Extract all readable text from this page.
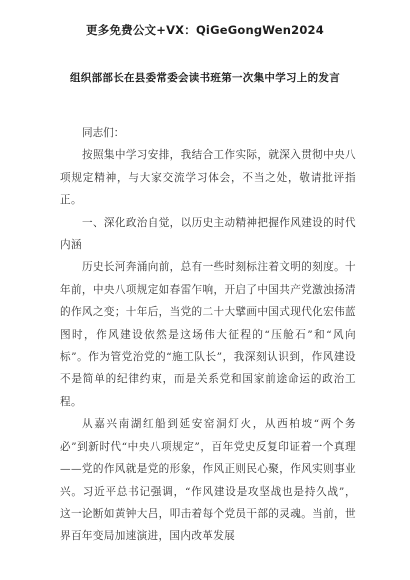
更多免费公文+VX：QiGeGongWen2024
组织部部长在县委常委会读书班第一次集中学习上的发言

同志们：

按照集中学习安排，我结合工作实际，就深入贯彻中央八项规定精神，与大家交流学习体会，不当之处，敬请批评指正。

一、深化政治自觉，以历史主动精神把握作风建设的时代内涵

历史长河奔涌向前，总有一些时刻标注着文明的刻度。十年前，中央八项规定如春雷乍响，开启了中国共产党激浊扬清的作风之变；十年后，当党的二十大擘画中国式现代化宏伟蓝图时，作风建设依然是这场伟大征程的“压舱石”和“风向标”。作为管党治党的“施工队长”，我深刻认识到，作风建设不是简单的纪律约束，而是关系党和国家前途命运的政治工程。

从嘉兴南湖红船到延安窑洞灯火，从西柏坡“两个务必”到新时代“中央八项规定”，百年党史反复印证着一个真理——党的作风就是党的形象，作风正则民心聚，作风实则事业兴。习近平总书记强调，“作风建设是攻坚战也是持久战”，这一论断如黄钟大吕，叩击着每个党员干部的灵魂。当前，世界百年变局加速演进，国内改革发展
